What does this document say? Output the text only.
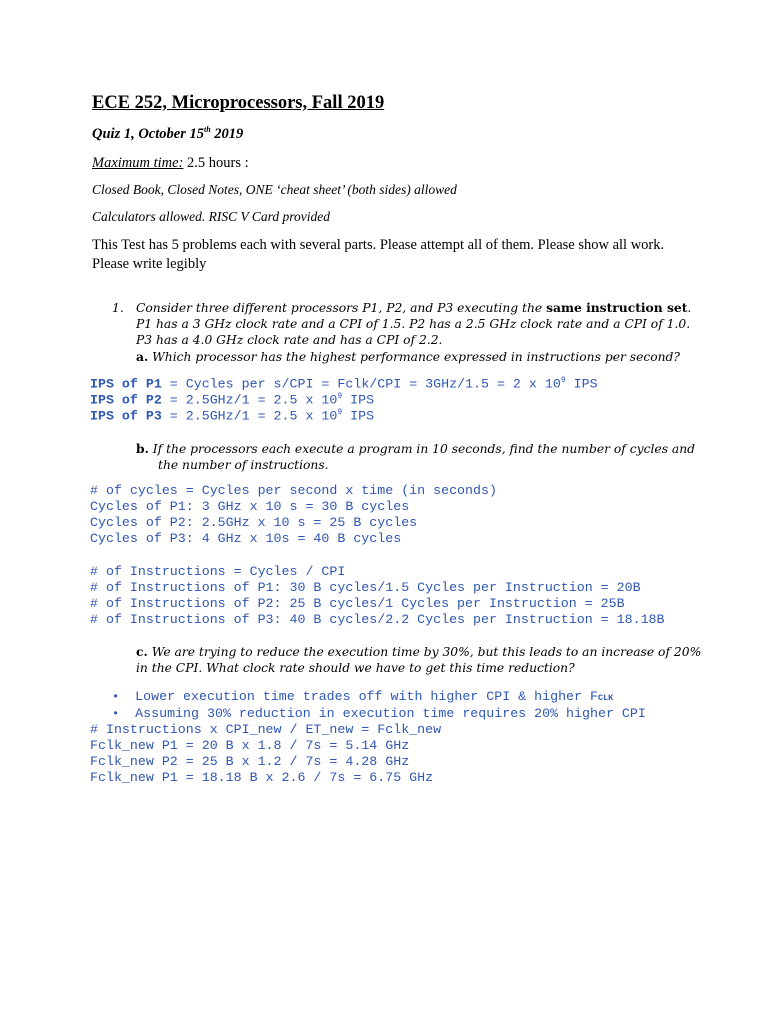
ECE 252, Microprocessors, Fall 2019
Quiz 1, October 15th 2019
Maximum time: 2.5 hours :
Closed Book, Closed Notes, ONE ‘cheat sheet’ (both sides) allowed
Calculators allowed. RISC V Card provided
This Test has 5 problems each with several parts. Please attempt all of them. Please show all work. Please write legibly
1. Consider three different processors P1, P2, and P3 executing the same instruction set.
P1 has a 3 GHz clock rate and a CPI of 1.5. P2 has a 2.5 GHz clock rate and a CPI of 1.0.
P3 has a 4.0 GHz clock rate and has a CPI of 2.2.
a. Which processor has the highest performance expressed in instructions per second?
IPS of P1 = Cycles per s/CPI = Fclk/CPI = 3GHz/1.5 = 2 x $10^9$ IPS
IPS of P2 = 2.5GHz/1 = 2.5 x $10^9$ IPS
IPS of P3 = 2.5GHz/1 = 2.5 x $10^9$ IPS
b. If the processors each execute a program in 10 seconds, find the number of cycles and
the number of instructions.
# of cycles = Cycles per second x time (in seconds)
Cycles of P1: 3 GHz x 10 s = 30 B cycles
Cycles of P2: 2.5GHz x 10 s = 25 B cycles
Cycles of P3: 4 GHz x 10s = 40 B cycles
# of Instructions = Cycles / CPI
# of Instructions of P1: 30 B cycles/1.5 Cycles per Instruction = 20B
# of Instructions of P2: 25 B cycles/1 Cycles per Instruction = 25B
# of Instructions of P3: 40 B cycles/2.2 Cycles per Instruction = 18.18B
c. We are trying to reduce the execution time by 30%, but this leads to an increase of 20%
in the CPI. What clock rate should we have to get this time reduction?
• Lower execution time trades off with higher CPI & higher FCLK
• Assuming 30% reduction in execution time requires 20% higher CPI
# Instructions x CPI_new / ET_new = Fclk_new
Fclk_new P1 = 20 B x 1.8 / 7s = 5.14 GHz
Fclk_new P2 = 25 B x 1.2 / 7s = 4.28 GHz
Fclk_new P1 = 18.18 B x 2.6 / 7s = 6.75 GHz
